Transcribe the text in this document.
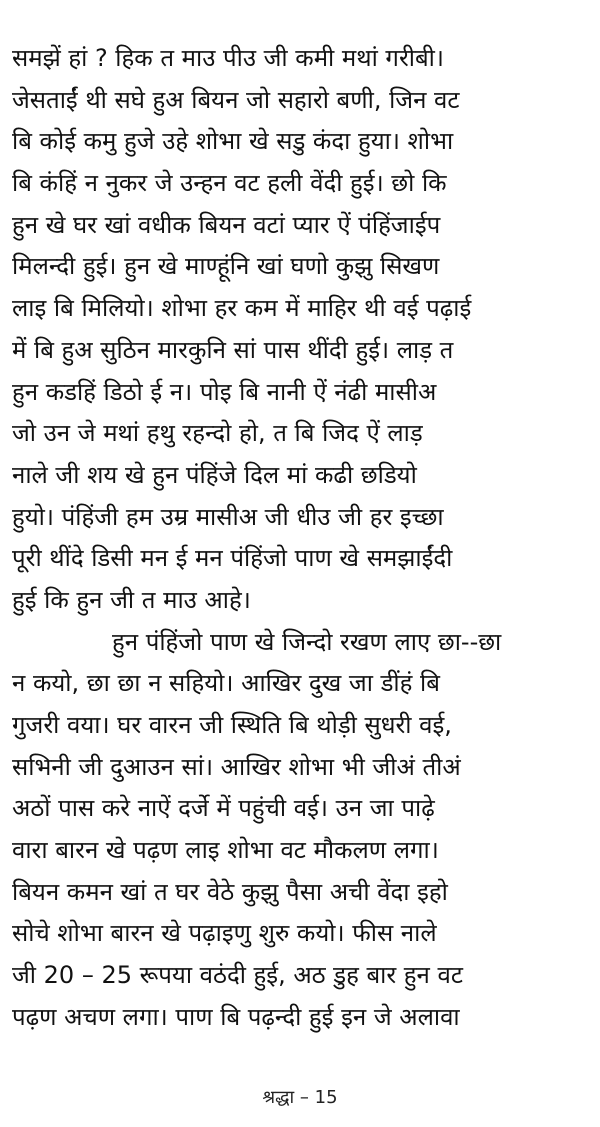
समझें हां ? हिक त माउ पीउ जी कमी मथां गरीबी।
जेसताईं थी सघे हुअ बियन जो सहारो बणी, जिन वट
बि कोई कमु हुजे उहे शोभा खे सडु कंदा हुया। शोभा
बि कंहिं न नुकर जे उन्हन वट हली वेंदी हुई। छो कि
हुन खे घर खां वधीक बियन वटां प्यार ऐं पंहिंजाईप
मिलन्दी हुई। हुन खे माण्हूंनि खां घणो कुझु सिखण
लाइ बि मिलियो। शोभा हर कम में माहिर थी वई पढ़ाई
में बि हुअ सुठिन मारकुनि सां पास थींदी हुई। लाड़ त
हुन कडहिं डिठो ई न। पोइ बि नानी ऐं नंढी मासीअ
जो उन जे मथां हथु रहन्दो हो, त बि जिद ऐं लाड़
नाले जी शय खे हुन पंहिंजे दिल मां कढी छडियो
हुयो। पंहिंजी हम उम्र मासीअ जी धीउ जी हर इच्छा
पूरी थींदे डिसी मन ई मन पंहिंजो पाण खे समझाईंदी
हुई कि हुन जी त माउ आहे।
हुन पंहिंजो पाण खे जिन्दो रखण लाए छा--छा
न कयो, छा छा न सहियो। आखिर दुख जा डींहं बि
गुजरी वया। घर वारन जी स्थिति बि थोड़ी सुधरी वई,
सभिनी जी दुआउन सां। आखिर शोभा भी जीअं तीअं
अठों पास करे नाऐं दर्जे में पहुंची वई। उन जा पाढ़े
वारा बारन खे पढ़ण लाइ शोभा वट मौकलण लगा।
बियन कमन खां त घर वेठे कुझु पैसा अची वेंदा इहो
सोचे शोभा बारन खे पढ़ाइणु शुरु कयो। फीस नाले
जी 20 – 25 रूपया वठंदी हुई, अठ डुह बार हुन वट
पढ़ण अचण लगा। पाण बि पढ़न्दी हुई इन जे अलावा
श्रद्धा – 15
